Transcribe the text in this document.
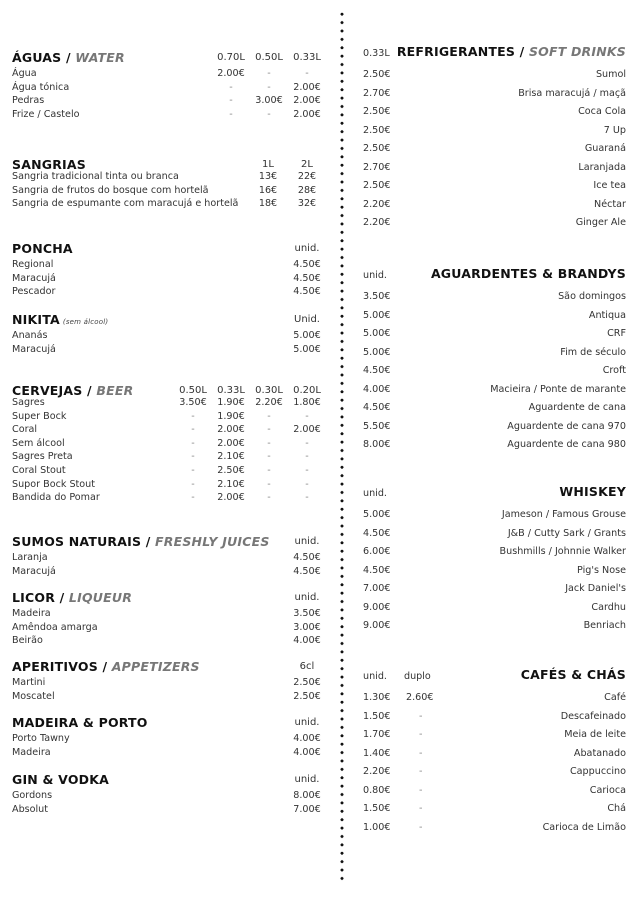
ÁGUAS / WATER	0.70L	0.50L	0.33L
Água	2.00€	-	-
Água tónica	-	-	2.00€
Pedras	-	3.00€	2.00€
Frize / Castelo	-	-	2.00€
SANGRIAS	1L	2L
Sangria tradicional tinta ou branca	13€	22€
Sangria de frutos do bosque com hortelã	16€	28€
Sangria de espumante com maracujá e hortelã	18€	32€
PONCHA	unid.
Regional	4.50€
Maracujá	4.50€
Pescador	4.50€
NIKITA (sem álcool)	Unid.
Ananás	5.00€
Maracujá	5.00€
CERVEJAS / BEER	0.50L	0.33L	0.30L	0.20L
Sagres	3.50€	1.90€	2.20€	1.80€
Super Bock	-	1.90€	-	-
Coral	-	2.00€	-	2.00€
Sem álcool	-	2.00€	-	-
Sagres Preta	-	2.10€	-	-
Coral Stout	-	2.50€	-	-
Supor Bock Stout	-	2.10€	-	-
Bandida do Pomar	-	2.00€	-	-
SUMOS NATURAIS / FRESHLY JUICES	unid.
Laranja	4.50€
Maracujá	4.50€
LICOR / LIQUEUR	unid.
Madeira	3.50€
Amêndoa amarga	3.00€
Beirão	4.00€
APERITIVOS / APPETIZERS	6cl
Martini	2.50€
Moscatel	2.50€
MADEIRA & PORTO	unid.
Porto Tawny	4.00€
Madeira	4.00€
GIN & VODKA	unid.
Gordons	8.00€
Absolut	7.00€
REFRIGERANTES / SOFT DRINKS
0.33L
2.50€	Sumol
2.70€	Brisa maracujá / maçã
2.50€	Coca Cola
2.50€	7 Up
2.50€	Guaraná
2.70€	Laranjada
2.50€	Ice tea
2.20€	Néctar
2.20€	Ginger Ale
AGUARDENTES & BRANDYS
unid.
3.50€	São domingos
5.00€	Antiqua
5.00€	CRF
5.00€	Fim de século
4.50€	Croft
4.00€	Macieira / Ponte de marante
4.50€	Aguardente de cana
5.50€	Aguardente de cana 970
8.00€	Aguardente de cana 980
WHISKEY
unid.
5.00€	Jameson / Famous Grouse
4.50€	J&B / Cutty Sark / Grants
6.00€	Bushmills / Johnnie Walker
4.50€	Pig's Nose
7.00€	Jack Daniel's
9.00€	Cardhu
9.00€	Benriach
CAFÉS & CHÁS
unid. duplo
1.30€ 2.60€	Café
1.50€	-	Descafeinado
1.70€	-	Meia de leite
1.40€	-	Abatanado
2.20€	-	Cappuccino
0.80€	-	Carioca
1.50€	-	Chá
1.00€	-	Carioca de Limão
